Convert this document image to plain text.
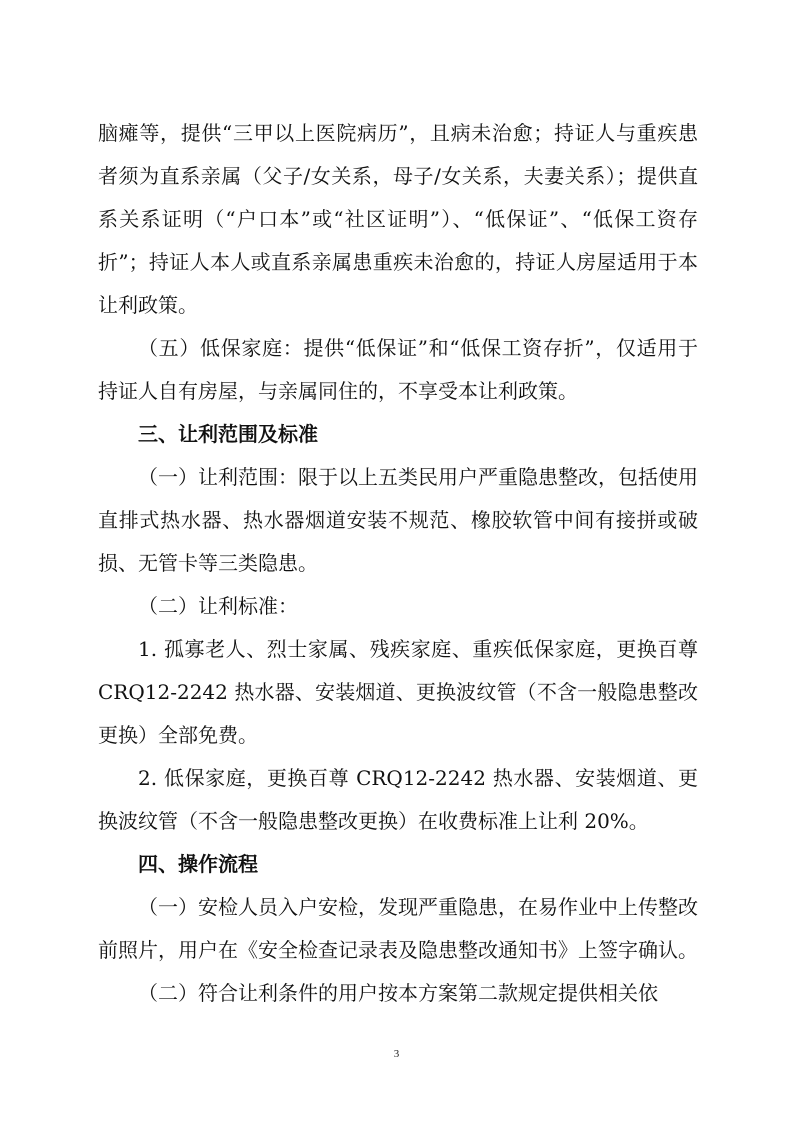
脑瘫等，提供“三甲以上医院病历”，且病未治愈；持证人与重疾患者须为直系亲属（父子/女关系，母子/女关系，夫妻关系）；提供直系关系证明（“户口本”或“社区证明”）、“低保证”、“低保工资存折”；持证人本人或直系亲属患重疾未治愈的，持证人房屋适用于本让利政策。

（五）低保家庭：提供“低保证”和“低保工资存折”，仅适用于持证人自有房屋，与亲属同住的，不享受本让利政策。

三、让利范围及标准

（一）让利范围：限于以上五类民用户严重隐患整改，包括使用直排式热水器、热水器烟道安装不规范、橡胶软管中间有接拼或破损、无管卡等三类隐患。

（二）让利标准：

1. 孤寡老人、烈士家属、残疾家庭、重疾低保家庭，更换百尊 CRQ12-2242 热水器、安装烟道、更换波纹管（不含一般隐患整改更换）全部免费。

2. 低保家庭，更换百尊 CRQ12-2242 热水器、安装烟道、更换波纹管（不含一般隐患整改更换）在收费标准上让利 20%。

四、操作流程

（一）安检人员入户安检，发现严重隐患，在易作业中上传整改前照片，用户在《安全检查记录表及隐患整改通知书》上签字确认。

（二）符合让利条件的用户按本方案第二款规定提供相关依

3
